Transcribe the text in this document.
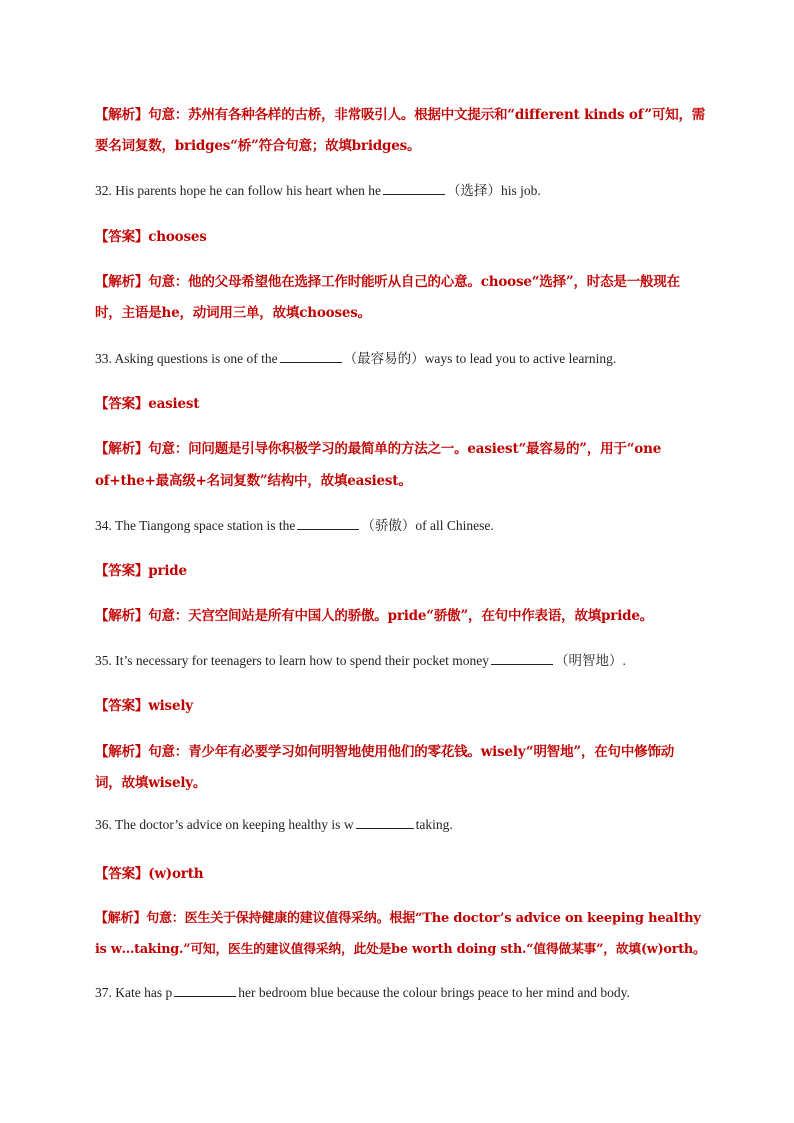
【解析】句意：苏州有各种各样的古桥，非常吸引人。根据中文提示和“different kinds of”可知，需
要名词复数，bridges“桥”符合句意；故填bridges。
32. His parents hope he can follow his heart when he	（选择）his job.
【答案】chooses
【解析】句意：他的父母希望他在选择工作时能听从自己的心意。choose“选择”，时态是一般现在
时，主语是he，动词用三单，故填chooses。
33. Asking questions is one of the	（最容易的）ways to lead you to active learning.
【答案】easiest
【解析】句意：问问题是引导你积极学习的最简单的方法之一。easiest“最容易的”，用于“one
of+the+最高级+名词复数”结构中，故填easiest。
34. The Tiangong space station is the	（骄傲）of all Chinese.
【答案】pride
【解析】句意：天宫空间站是所有中国人的骄傲。pride“骄傲”，在句中作表语，故填pride。
35. It’s necessary for teenagers to learn how to spend their pocket money	（明智地）.
【答案】wisely
【解析】句意：青少年有必要学习如何明智地使用他们的零花钱。wisely“明智地”，在句中修饰动
词，故填wisely。
36. The doctor’s advice on keeping healthy is w	taking.
【答案】(w)orth
【解析】句意：医生关于保持健康的建议值得采纳。根据“The doctor’s advice on keeping healthy
is w…taking.”可知，医生的建议值得采纳，此处是be worth doing sth.“值得做某事”，故填(w)orth。
37. Kate has p	her bedroom blue because the colour brings peace to her mind and body.
